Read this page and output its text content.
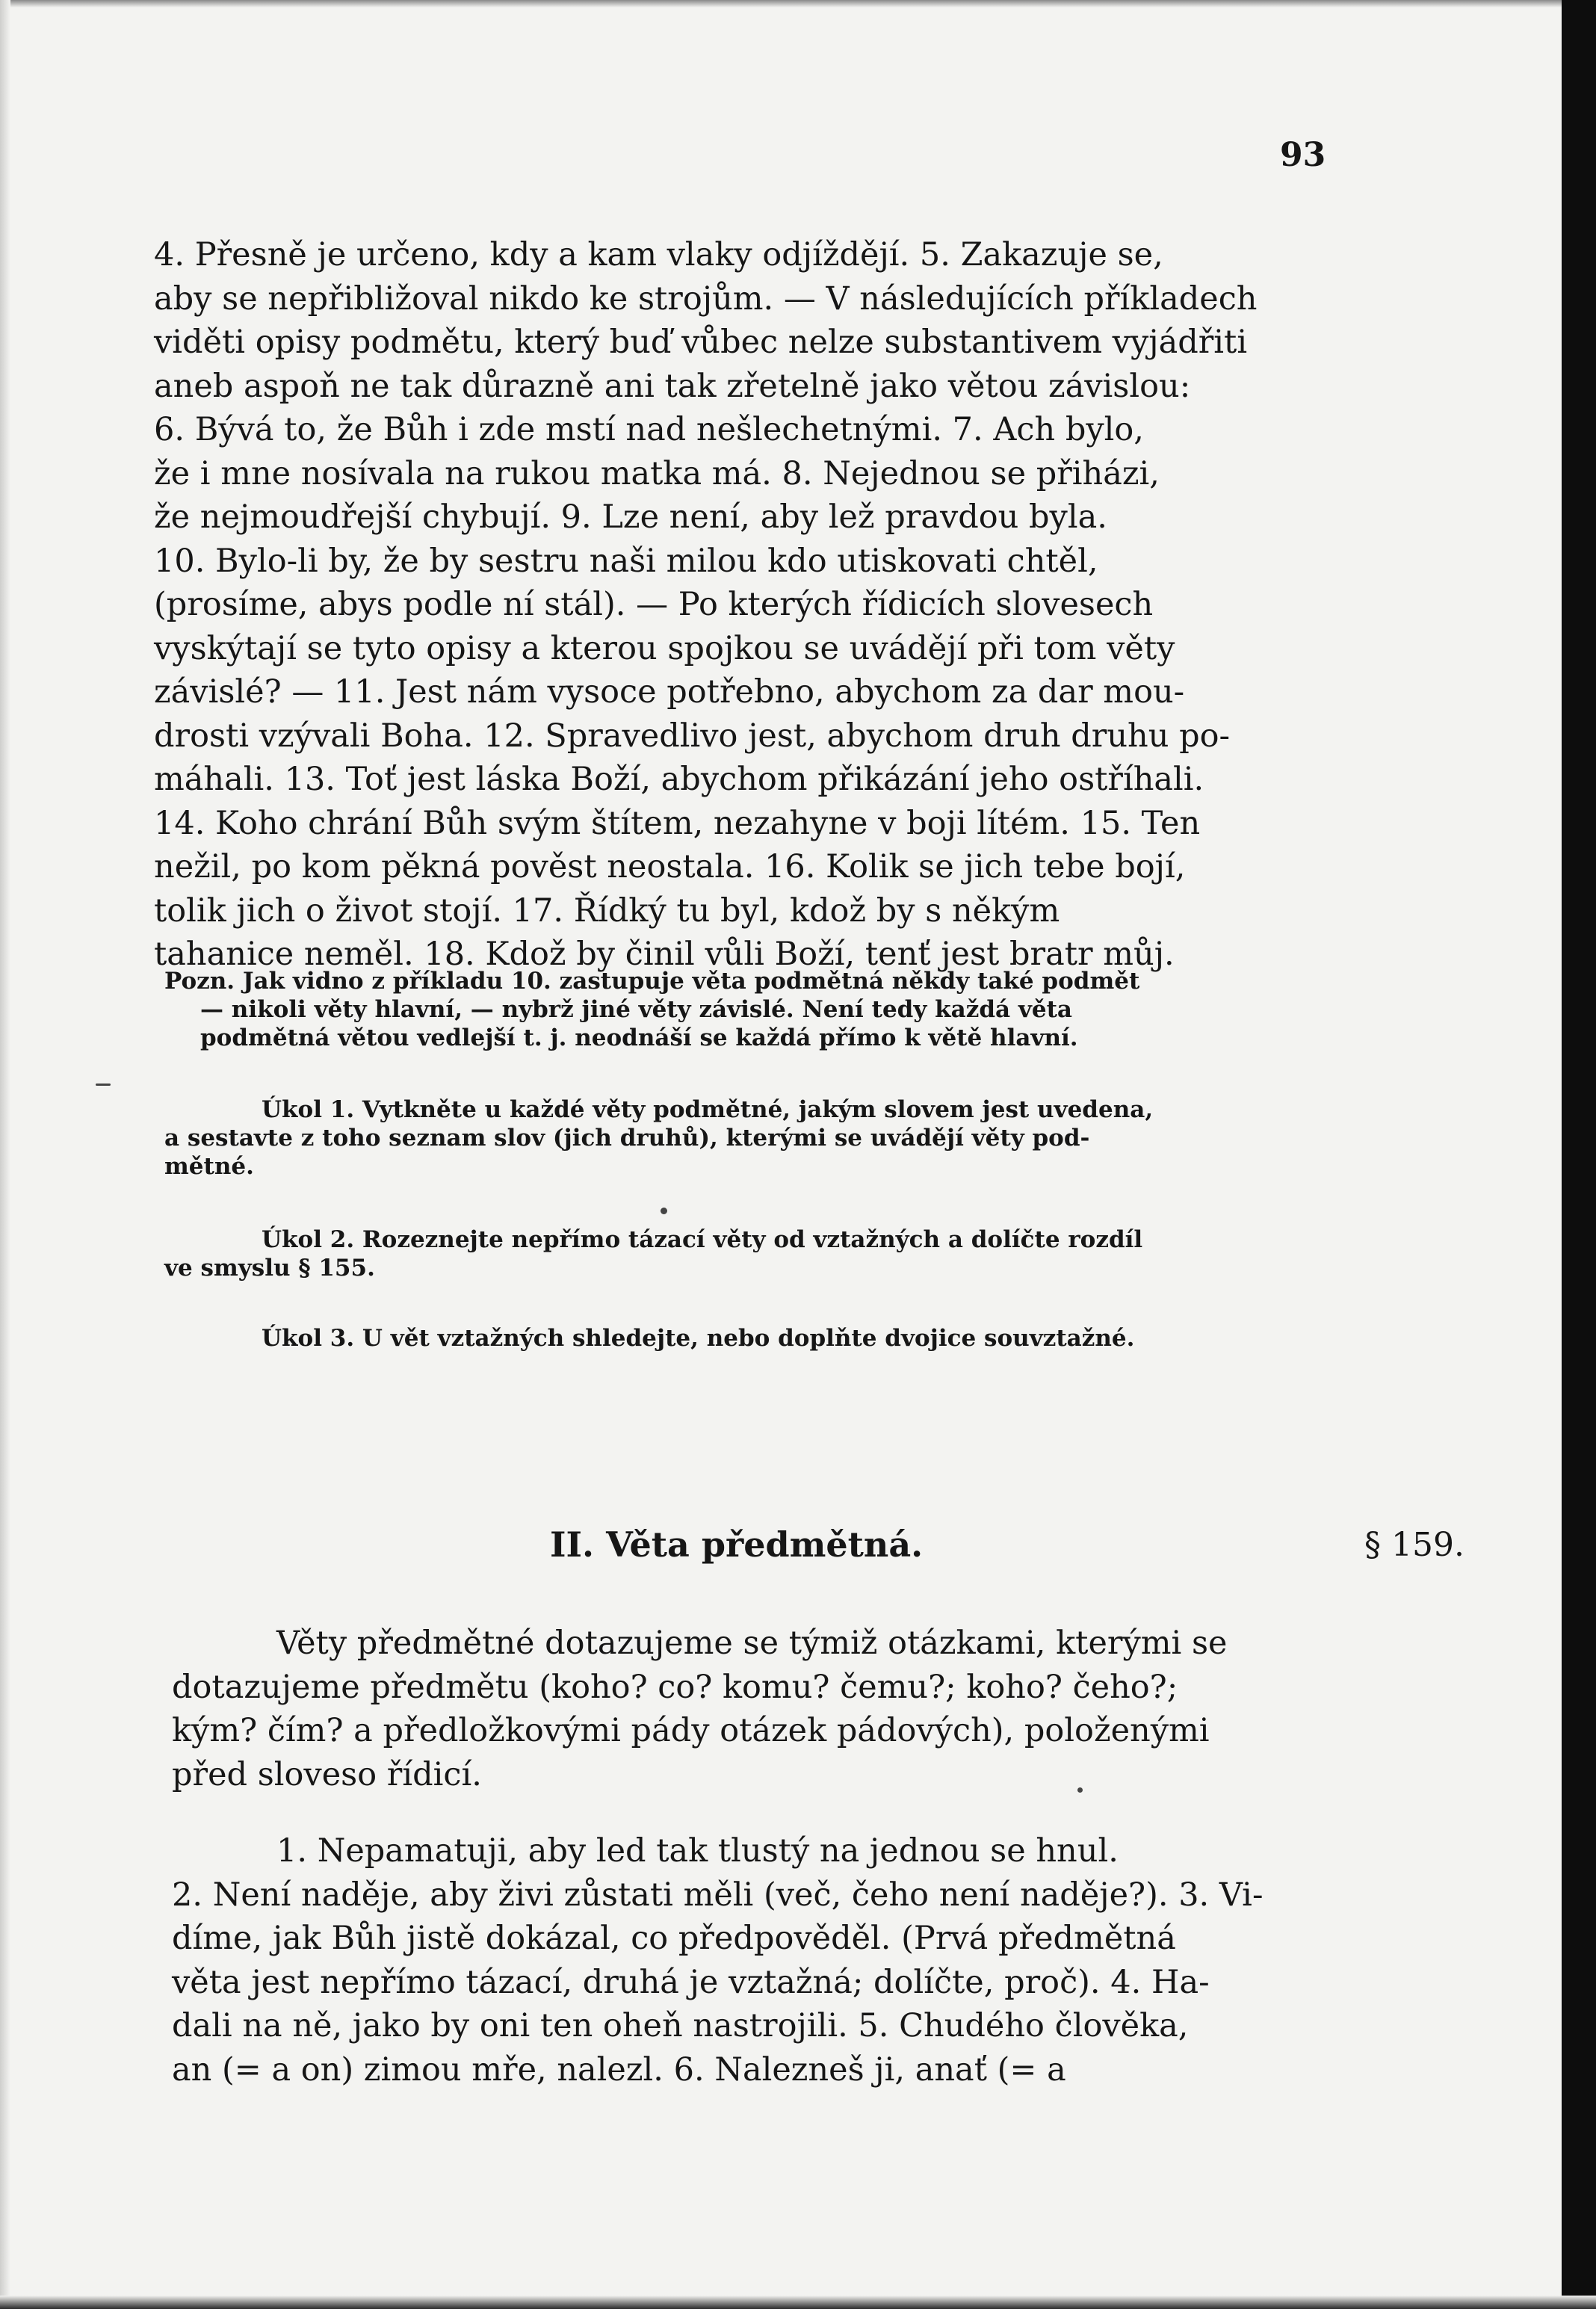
93

4. Přesně je určeno, kdy a kam vlaky odjíždějí. 5. Zakazuje se,
aby se nepřibližoval nikdo ke strojům. — V následujících příkladech
viděti opisy podmětu, který buď vůbec nelze substantivem vyjádřiti
aneb aspoň ne tak důrazně ani tak zřetelně jako větou závislou:
6. Bývá to, že Bůh i zde mstí nad nešlechetnými. 7. Ach bylo,
že i mne nosívala na rukou matka má. 8. Nejednou se přiházi,
že nejmoudřejší chybují. 9. Lze není, aby lež pravdou byla.
10. Bylo-li by, že by sestru naši milou kdo utiskovati chtěl,
(prosíme, abys podle ní stál). — Po kterých řídicích slovesech
vyskýtají se tyto opisy a kterou spojkou se uvádějí při tom věty
závislé? — 11. Jest nám vysoce potřebno, abychom za dar mou-
drosti vzývali Boha. 12. Spravedlivo jest, abychom druh druhu po-
máhali. 13. Toť jest láska Boží, abychom přikázání jeho ostříhali.
14. Koho chrání Bůh svým štítem, nezahyne v boji lítém. 15. Ten
nežil, po kom pěkná pověst neostala. 16. Kolik se jich tebe bojí,
tolik jich o život stojí. 17. Řídký tu byl, kdož by s někým
tahanice neměl. 18. Kdož by činil vůli Boží, tenť jest bratr můj.

Pozn. Jak vidno z příkladu 10. zastupuje věta podmětná někdy také podmět
— nikoli věty hlavní, — nybrž jiné věty závislé. Není tedy každá věta
podmětná větou vedlejší t. j. neodnáší se každá přímo k větě hlavní.
Úkol 1. Vytkněte u každé věty podmětné, jakým slovem jest uvedena,
a sestavte z toho seznam slov (jich druhů), kterými se uvádějí věty pod-
mětné.
Úkol 2. Rozeznejte nepřímo tázací věty od vztažných a dolíčte rozdíl
ve smyslu § 155.
Úkol 3. U vět vztažných shledejte, nebo doplňte dvojice souvztažné.
II. Věta předmětná.	§ 159.

Věty předmětné dotazujeme se týmiž otázkami, kterými se
dotazujeme předmětu (koho? co? komu? čemu?; koho? čeho?;
kým? čím? a předložkovými pády otázek pádových), položenými
před sloveso řídicí.

1. Nepamatuji, aby led tak tlustý na jednou se hnul.
2. Není naděje, aby živi zůstati měli (več, čeho není naděje?). 3. Vi-
díme, jak Bůh jistě dokázal, co předpověděl. (Prvá předmětná
věta jest nepřímo tázací, druhá je vztažná; dolíčte, proč). 4. Ha-
dali na ně, jako by oni ten oheň nastrojili. 5. Chudého člověka,
an (= a on) zimou mře, nalezl. 6. Nalezneš ji, anať (= a
